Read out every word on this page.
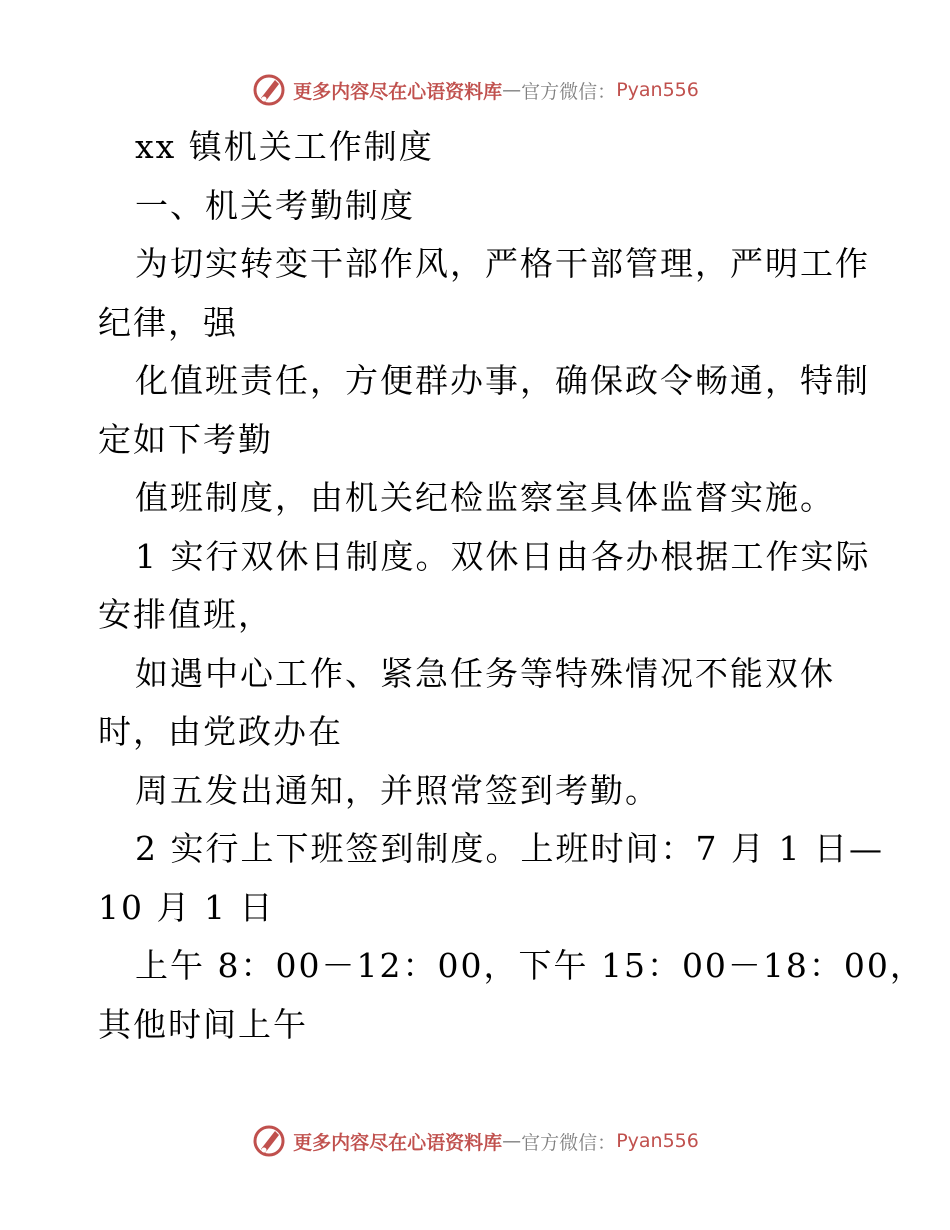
更多内容尽在心语资料库 — 官方微信： Pyan556
xx 镇机关工作制度
一、机关考勤制度
为切实转变干部作风，严格干部管理，严明工作
纪律，强
化值班责任，方便群办事，确保政令畅通，特制
定如下考勤
值班制度，由机关纪检监察室具体监督实施。
1 实行双休日制度。双休日由各办根据工作实际
安排值班，
如遇中心工作、紧急任务等特殊情况不能双休
时，由党政办在
周五发出通知，并照常签到考勤。
2 实行上下班签到制度。上班时间：7 月 1 日—
10 月 1 日
上午 8：00－12：00，下午 15：00－18：00，
其他时间上午
更多内容尽在心语资料库 — 官方微信： Pyan556
